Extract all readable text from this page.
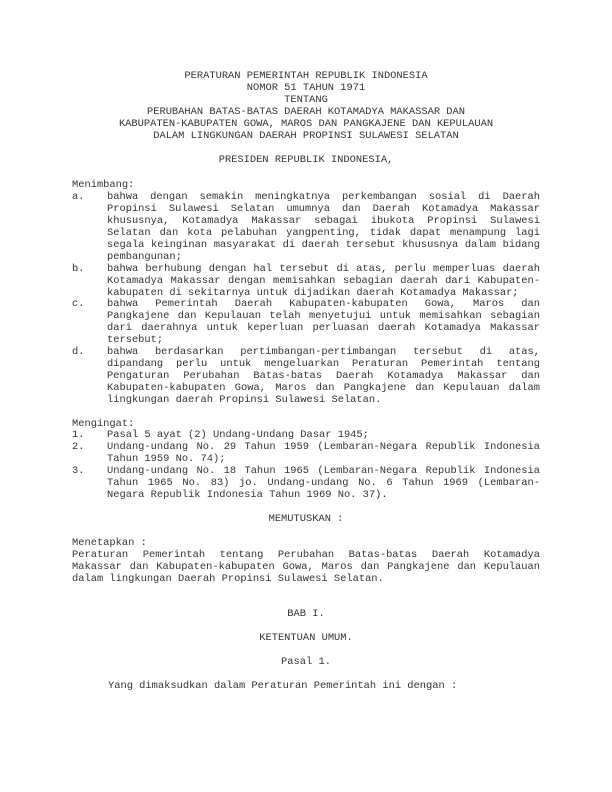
PERATURAN PEMERINTAH REPUBLIK INDONESIA
NOMOR 51 TAHUN 1971
TENTANG
PERUBAHAN BATAS-BATAS DAERAH KOTAMADYA MAKASSAR DAN
KABUPATEN-KABUPATEN GOWA, MAROS DAN PANGKAJENE DAN KEPULAUAN
DALAM LINGKUNGAN DAERAH PROPINSI SULAWESI SELATAN
PRESIDEN REPUBLIK INDONESIA,
Menimbang:
a.	bahwa dengan semakin meningkatnya perkembangan sosial di Daerah Propinsi Sulawesi Selatan umumnya dan Daerah Kotamadya Makassar khususnya, Kotamadya Makassar sebagai ibukota Propinsi Sulawesi Selatan dan kota pelabuhan yangpenting, tidak dapat menampung lagi segala keinginan masyarakat di daerah tersebut khususnya dalam bidang pembangunan;
b.	bahwa berhubung dengan hal tersebut di atas, perlu memperluas daerah Kotamadya Makassar dengan memisahkan sebagian daerah dari Kabupaten-kabupaten di sekitarnya untuk dijadikan daerah Kotamadya Makassar;
c.	bahwa Pemerintah Daerah Kabupaten-kabupaten Gowa, Maros dan Pangkajene dan Kepulauan telah menyetujui untuk memisahkan sebagian dari daerahnya untuk keperluan perluasan daerah Kotamadya Makassar tersebut;
d.	bahwa berdasarkan pertimbangan-pertimbangan tersebut di atas, dipandang perlu untuk mengeluarkan Peraturan Pemerintah tentang Pengaturan Perubahan Batas-batas Daerah Kotamadya Makassar dan Kabupaten-kabupaten Gowa, Maros dan Pangkajene dan Kepulauan dalam lingkungan daerah Propinsi Sulawesi Selatan.
Mengingat:
1.	Pasal 5 ayat (2) Undang-Undang Dasar 1945;
2.	Undang-undang No. 29 Tahun 1959 (Lembaran-Negara Republik Indonesia Tahun 1959 No. 74);
3.	Undang-undang No. 18 Tahun 1965 (Lembaran-Negara Republik Indonesia Tahun 1965 No. 83) jo. Undang-undang No. 6 Tahun 1969 (Lembaran-Negara Republik Indonesia Tahun 1969 No. 37).
MEMUTUSKAN :
Menetapkan :
Peraturan Pemerintah tentang Perubahan Batas-batas Daerah Kotamadya Makassar dan Kabupaten-kabupaten Gowa, Maros dan Pangkajene dan Kepulauan dalam lingkungan Daerah Propinsi Sulawesi Selatan.
BAB I.
KETENTUAN UMUM.
Pasal 1.
Yang dimaksudkan dalam Peraturan Pemerintah ini dengan :
